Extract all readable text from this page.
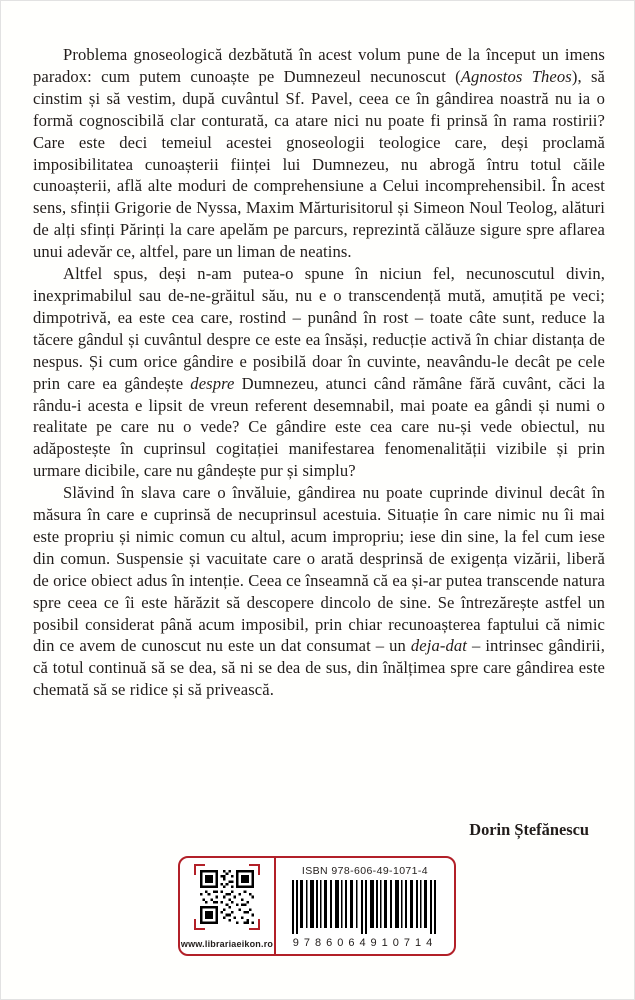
Problema gnoseologică dezbătută în acest volum pune de la început un imens paradox: cum putem cunoaște pe Dumnezeul necunoscut (Agnostos Theos), să cinstim și să vestim, după cuvântul Sf. Pavel, ceea ce în gândirea noastră nu ia o formă cognoscibilă clar conturată, ca atare nici nu poate fi prinsă în rama rostirii? Care este deci temeiul acestei gnoseologii teologice care, deși proclamă imposibilitatea cunoașterii ființei lui Dumnezeu, nu abrogă întru totul căile cunoașterii, află alte moduri de comprehensiune a Celui incomprehensibil. În acest sens, sfinții Grigorie de Nyssa, Maxim Mărturisitorul și Simeon Noul Teolog, alături de alți sfinți Părinți la care apelăm pe parcurs, reprezintă călăuze sigure spre aflarea unui adevăr ce, altfel, pare un liman de neatins.

Altfel spus, deși n-am putea-o spune în niciun fel, necunoscutul divin, inexprimabilul sau de-ne-grăitul său, nu e o transcendență mută, amuțită pe veci; dimpotrivă, ea este cea care, rostind – punând în rost – toate câte sunt, reduce la tăcere gândul și cuvântul despre ce este ea însăși, reducție activă în chiar distanța de nespus. Și cum orice gândire e posibilă doar în cuvinte, neavându-le decât pe cele prin care ea gândește despre Dumnezeu, atunci când rămâne fără cuvânt, căci la rându-i acesta e lipsit de vreun referent desemnabil, mai poate ea gândi și numi o realitate pe care nu o vede? Ce gândire este cea care nu-și vede obiectul, nu adăpostește în cuprinsul cogitației manifestarea fenomenalității vizibile și prin urmare dicibile, care nu gândește pur și simplu?

Slăvind în slava care o învăluie, gândirea nu poate cuprinde divinul decât în măsura în care e cuprinsă de necuprinsul acestuia. Situație în care nimic nu îi mai este propriu și nimic comun cu altul, acum impropriu; iese din sine, la fel cum iese din comun. Suspensie și vacuitate care o arată desprinsă de exigența vizării, liberă de orice obiect adus în intenție. Ceea ce înseamnă că ea și-ar putea transcende natura spre ceea ce îi este hărăzit să descopere dincolo de sine. Se întrezărește astfel un posibil considerat până acum imposibil, prin chiar recunoașterea faptului că nimic din ce avem de cunoscut nu este un dat consumat – un deja-dat – intrinsec gândirii, că totul continuă să se dea, să ni se dea de sus, din înălțimea spre care gândirea este chemată să se ridice și să privească.

Dorin Ștefănescu
www.librariaeikon.ro
ISBN 978-606-49-1071-4
9786064910714
